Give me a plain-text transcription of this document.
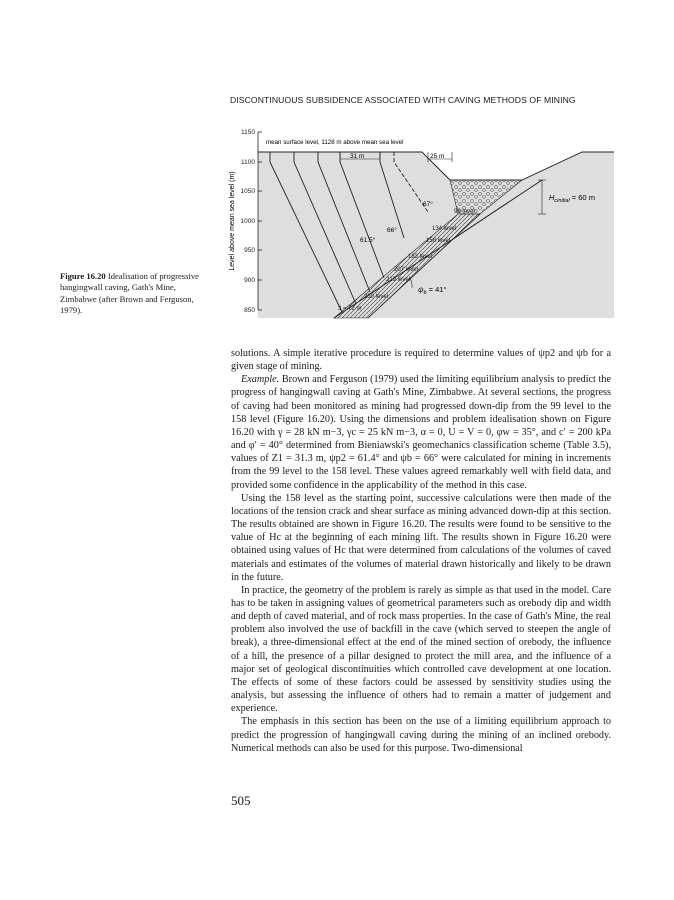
DISCONTINUOUS SUBSIDENCE ASSOCIATED WITH CAVING METHODS OF MINING
Figure 16.20 Idealisation of progressive hangingwall caving, Gath's Mine, Zimbabwe (after Brown and Ferguson, 1979).
1150
1100
1050
1000
950
900
850
Level above mean sea level (m)
mean surface level, 1128 m above mean sea level
31 m	25 m
$H_{cinitial} = 60$ m
67°
66°
61.5°
99 level
134 level
158 level
183 level
207 level
219 level
250 level
3 = 72 m
$\psi_b = 41^\circ$

solutions. A simple iterative procedure is required to determine values of ψp2 and ψb for a given stage of mining.

Example. Brown and Ferguson (1979) used the limiting equilibrium analysis to predict the progress of hangingwall caving at Gath's Mine, Zimbabwe. At several sections, the progress of caving had been monitored as mining had progressed down-dip from the 99 level to the 158 level (Figure 16.20). Using the dimensions and problem idealisation shown on Figure 16.20 with γ = 28 kN m−3, γc = 25 kN m−3, α = 0, U = V = 0, φw = 35°, and c′ = 200 kPa and φ′ = 40° determined from Bieniawski's geomechanics classification scheme (Table 3.5), values of Z1 = 31.3 m, ψp2 = 61.4° and ψb = 66° were calculated for mining in increments from the 99 level to the 158 level. These values agreed remarkably well with field data, and provided some confidence in the applicability of the method in this case.

Using the 158 level as the starting point, successive calculations were then made of the locations of the tension crack and shear surface as mining advanced down-dip at this section. The results obtained are shown in Figure 16.20. The results were found to be sensitive to the value of Hc at the beginning of each mining lift. The results shown in Figure 16.20 were obtained using values of Hc that were determined from calculations of the volumes of caved materials and estimates of the volumes of material drawn historically and likely to be drawn in the future.

In practice, the geometry of the problem is rarely as simple as that used in the model. Care has to be taken in assigning values of geometrical parameters such as orebody dip and width and depth of caved material, and of rock mass properties. In the case of Gath's Mine, the real problem also involved the use of backfill in the cave (which served to steepen the angle of break), a three-dimensional effect at the end of the mined section of orebody, the influence of a hill, the presence of a pillar designed to protect the mill area, and the influence of a major set of geological discontinuities which controlled cave development at one location. The effects of some of these factors could be assessed by sensitivity studies using the analysis, but assessing the influence of others had to remain a matter of judgement and experience.

The emphasis in this section has been on the use of a limiting equilibrium approach to predict the progression of hangingwall caving during the mining of an inclined orebody. Numerical methods can also be used for this purpose. Two-dimensional

505
